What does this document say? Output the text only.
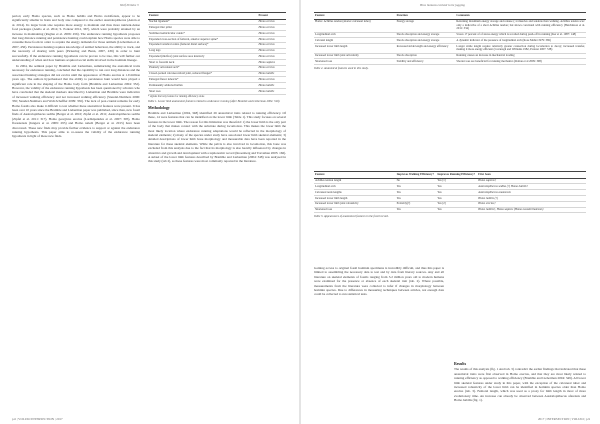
Wolf Perkins 3

period, early Homo species, such as Homo habilis and Homo rudolfensis, appear to be significantly smaller in brain and body size compared to the earlier Australopithecus (Antón et al. 2014). Its larger brain size requires more energy to maintain and thus more nutrient-dense food packages (Aiello et al. 2014; S. Pontzer 2012, 367), which were probably attained by an increase in maintaining (Raglan et al. 2006: 456). The endurance running hypothesis proposes that long distance running and persistence hunting could explain how Homo species were able to consume these foods in order to acquire the energy demands for those animals (Lieberman et al. 2007, 456). Persistence hunting requires knowledge of animal behaviour, the ability to track, and the necessity of sharing with peers (Pickering and Bunn, 2007, 436) in order to hunt successfully. If the endurance running hypothesis can be proven to be true, this will further our understanding of when and how humans acquired social skills involved in the hominin lineage.

In 2004, the seminal paper by Bramble and Lieberman, summarising the anatomical traits necessary for endurance running, concluded that the capability to run over long distances and the associated hunting strategies did not evolve until the appearance of Homo erectus at 1.9 million years ago. The authors hypothesised that the ability to persistence hunt would have played a significant role in the shaping of the Homo body form (Bramble and Lieberman 2004: 352). However, the validity of the endurance running hypothesis has been questioned by scholars who have concluded that the skeletal markers described by Lieberman and Bramble were indicative of increased walking efficiency and not increased walking efficiency (Steudel-Numbers 2006: 356; Steudel-Numbers and Wall-Scheffler 2009: 356). The lack of post-cranial remains for early Homo fossils also make it difficult to test whether these anatomical features were present. It has been over 10 years since the Bramble and Lieberman paper was published, since then, new fossil finds of Australopithecus sediba (Berger et al. 2010; Zipfel et al. 2011; Australopithecus sediba (Zipfel et al. 2011: 317), Homo georgicus erectus (Lordkipanidze et al. 2007: 305), Homo floresiensis (Jungers et al. 2009: 295) and Homo naledi (Berger et al. 2015) have been discovered. These new finds may provide further evidence to support or against the endurance running hypothesis. This paper aims to re-assess the validity of the endurance running hypothesis in light of these new finds.

Feature	Present
Nuchal ligament*	Homo erectus
Enlarged iliac pillar	Homo erectus
Stabilised semicircular canals*	Homo erectus
Expanded cross-section of femoral, anterior superior spine*	Homo erectus
Expanded vertebral centra (femoral distal surface)*	Homo erectus
Long legs	Homo erectus
Expanded (midfoot) joint surface area interiorly	Homo erectus
Short to forearm neck	Homo sapiens
Plantarly articulated arch*	Homo erectus
Closed-packed calcaneocuboid joint, reduced flanges*	Homo habilis
Enlarged flexor tubercle*	Homo erectus
Permanently adducted hallux	Homo habilis
Short toes	Homo habilis
* signals the bony feature for running efficiency alone
Table 1. Lower limb anatomical features related to endurance running (After Bramble and Lieberman 2004: 349).
Methodology

Bramble and Lieberman (2004, 348) identified 26 anatomical traits related to running efficiency. Of these, 14 were features that can be identified on the lower limb (Table 1). This study focuses on several features in the lower limb. The reason for this limitation was threefold: 1) the lower limb is the only part of the body that makes contact with the substrate during locomotion. This makes the lower limb the most likely location where endurance running adaptations would be reflected in the morphology of skeletal elements; 2) many of the species under study have associated lower limb skeletal elements; 3) detailed descriptions of lower limb bone morphology and measurable data have been reported in the literature for these skeletal elements. While the pelvis is also involved in locomotion, this bone was excluded from this analysis due to the fact that its morphology is also heavily influenced by changes in obstetrics and growth and development with a taphonomic record (Rosenberg and Trevathan 2005: 166). A subset of the lower limb features described by Bramble and Lieberman (2004: 348) was analysed in this study (tab 2), as these features were most commonly reported in the literature.

p.6 | VOLUIO INTERSECTION | 2017
How humans evolved to be jogging
Feature	Function	Comments
Homo: Achilles tendon (shorter calcaneal tuber)	Energy storage	Returning maximum energy storage and release (~4 muscles and tendons than walking. Achilles tendon scar: only a indicative of a short Achilles tendon; but shows correlated with running efficiency (Hutchinson et al. 2011: 334)
Longitudinal arch	Shock absorption and energy storage	Stores 17 percent of of stress energy which is recoiled during push-off in running (Ker et al. 1987: 148)
Calcanal length	Shock absorption and energy storage	A dynamic indicator of the presence of longitudinal arch (Rose Mallet 1979: 369)
Increased lower limb length	Increased stride length and energy efficiency	Longer stride length require relatively greater connection during locomotion to decay; increased transfer, making it more energy efficient (Cavanagh and Williams 1982, Pontzer 2007: 538)
Increased lower limb joint articularity	Shock absorption	Running causes an increase in mechanical loading
Shortened toes	Stability and efficiency	Shorter toes are beneficial for running mechanics (Rolian et al 2009: 398)
Table 2. Anatomical features used in this study.
Feature	Improves Walking Efficiency?	Improves Running Efficiency?	First Seen
Achilles tendon length	No	Yes [1]	Homo sapiens†
Longitudinal arch	Yes	Yes	Australopithecus sediba (?) Homo habilis?
Calcaneal neck lengths	Yes	Yes	Australopithecus anamensis
Increased lower limb length	Yes	Yes	Homo habilis (?)
Increased lower limb joint robusticity	Probably(?)	Yes [2]	Homo erectus†
Shortened toes	Yes	Yes	Homo habilis†, Homo sapiens (Homo neanderthalensis)
Table 3. Appearances of anatomical features in the fossil record.

Gaining access to original fossil hominin specimens is incredibly difficult, and thus this paper is limited to assembling the necessary data to test and by data from literary sources. Any and all literature on skeletal elements of fossils ranging from 3.2 million years old to modern humans were examined for the presence or absence of each skeletal trait (tab. 2). Where possible, measurements from the literature were collected to infer if changes in morphology between hominin species. Due to differences in measuring techniques between articles, not enough data could be collected to run statistical tests.

Results

The results of this analysis (fig. 1 And tab. 3) contradict the earlier findings that indicated that these anatomical traits were first observed in Homo erectus, and that they are most likely related to running efficiency as opposed to walking efficiency (Bramble and Lieberman 2004: 349). All lower limb skeletal features under study in this paper, with the exception of the calcaneal tuber and increased robusticity of the lower limb can be identified in hominin species older than Homo erectus (tab. 3). Femoral length, which was used as a proxy for limb length in most of more evolutionary time. An increase can already be observed between Australopithecus afarensis and Homo habilis (fig. 1).

2017 | INTERSECTION | VOLUIO | p.9
